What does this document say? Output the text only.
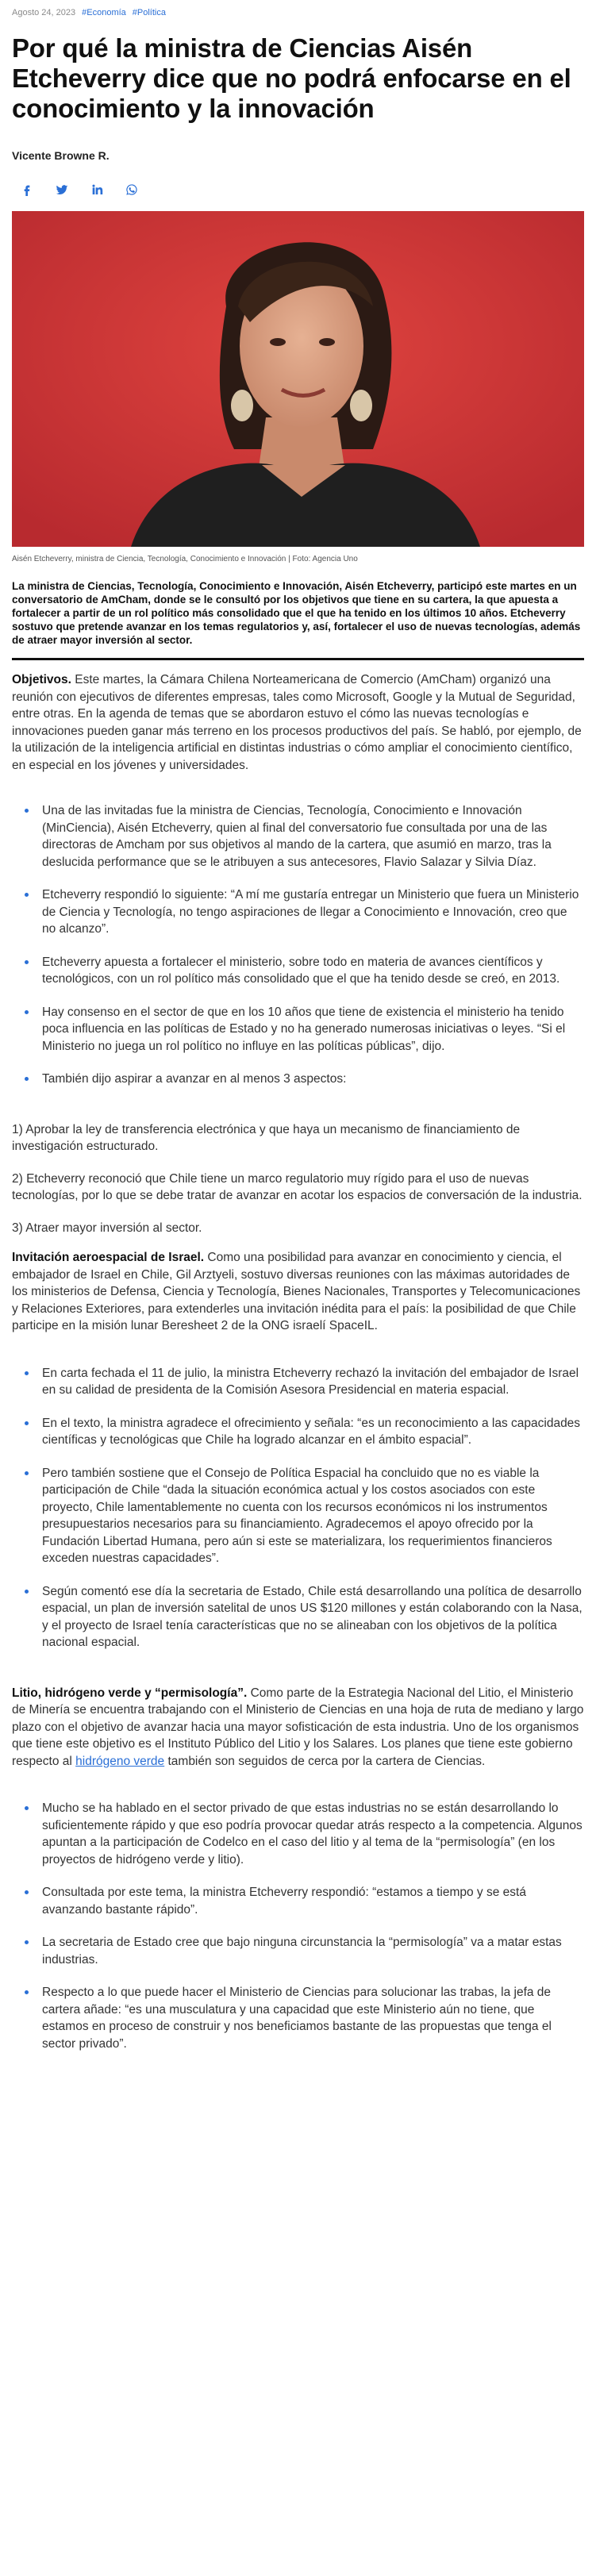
Agosto 24, 2023 #Economía #Política
Por qué la ministra de Ciencias Aisén Etcheverry dice que no podrá enfocarse en el conocimiento y la innovación
Vicente Browne R.
Aisén Etcheverry, ministra de Ciencia, Tecnología, Conocimiento e Innovación | Foto: Agencia Uno
La ministra de Ciencias, Tecnología, Conocimiento e Innovación, Aisén Etcheverry, participó este martes en un conversatorio de AmCham, donde se le consultó por los objetivos que tiene en su cartera, la que apuesta a fortalecer a partir de un rol político más consolidado que el que ha tenido en los últimos 10 años. Etcheverry sostuvo que pretende avanzar en los temas regulatorios y, así, fortalecer el uso de nuevas tecnologías, además de atraer mayor inversión al sector.

Objetivos. Este martes, la Cámara Chilena Norteamericana de Comercio (AmCham) organizó una reunión con ejecutivos de diferentes empresas, tales como Microsoft, Google y la Mutual de Seguridad, entre otras. En la agenda de temas que se abordaron estuvo el cómo las nuevas tecnologías e innovaciones pueden ganar más terreno en los procesos productivos del país. Se habló, por ejemplo, de la utilización de la inteligencia artificial en distintas industrias o cómo ampliar el conocimiento científico, en especial en los jóvenes y universidades.

Una de las invitadas fue la ministra de Ciencias, Tecnología, Conocimiento e Innovación (MinCiencia), Aisén Etcheverry, quien al final del conversatorio fue consultada por una de las directoras de Amcham por sus objetivos al mando de la cartera, que asumió en marzo, tras la deslucida performance que se le atribuyen a sus antecesores, Flavio Salazar y Silvia Díaz.
Etcheverry respondió lo siguiente: “A mí me gustaría entregar un Ministerio que fuera un Ministerio de Ciencia y Tecnología, no tengo aspiraciones de llegar a Conocimiento e Innovación, creo que no alcanzo”.
Etcheverry apuesta a fortalecer el ministerio, sobre todo en materia de avances científicos y tecnológicos, con un rol político más consolidado que el que ha tenido desde se creó, en 2013.
Hay consenso en el sector de que en los 10 años que tiene de existencia el ministerio ha tenido poca influencia en las políticas de Estado y no ha generado numerosas iniciativas o leyes. “Si el Ministerio no juega un rol político no influye en las políticas públicas”, dijo.
También dijo aspirar a avanzar en al menos 3 aspectos:

1) Aprobar la ley de transferencia electrónica y que haya un mecanismo de financiamiento de investigación estructurado.

2) Etcheverry reconoció que Chile tiene un marco regulatorio muy rígido para el uso de nuevas tecnologías, por lo que se debe tratar de avanzar en acotar los espacios de conversación de la industria.

3) Atraer mayor inversión al sector.

Invitación aeroespacial de Israel. Como una posibilidad para avanzar en conocimiento y ciencia, el embajador de Israel en Chile, Gil Arztyeli, sostuvo diversas reuniones con las máximas autoridades de los ministerios de Defensa, Ciencia y Tecnología, Bienes Nacionales, Transportes y Telecomunicaciones y Relaciones Exteriores, para extenderles una invitación inédita para el país: la posibilidad de que Chile participe en la misión lunar Beresheet 2 de la ONG israelí SpaceIL.

En carta fechada el 11 de julio, la ministra Etcheverry rechazó la invitación del embajador de Israel en su calidad de presidenta de la Comisión Asesora Presidencial en materia espacial.
En el texto, la ministra agradece el ofrecimiento y señala: “es un reconocimiento a las capacidades científicas y tecnológicas que Chile ha logrado alcanzar en el ámbito espacial”.
Pero también sostiene que el Consejo de Política Espacial ha concluido que no es viable la participación de Chile “dada la situación económica actual y los costos asociados con este proyecto, Chile lamentablemente no cuenta con los recursos económicos ni los instrumentos presupuestarios necesarios para su financiamiento. Agradecemos el apoyo ofrecido por la Fundación Libertad Humana, pero aún si este se materializara, los requerimientos financieros exceden nuestras capacidades”.
Según comentó ese día la secretaria de Estado, Chile está desarrollando una política de desarrollo espacial, un plan de inversión satelital de unos US $120 millones y están colaborando con la Nasa, y el proyecto de Israel tenía características que no se alineaban con los objetivos de la política nacional espacial.

Litio, hidrógeno verde y “permisología”. Como parte de la Estrategia Nacional del Litio, el Ministerio de Minería se encuentra trabajando con el Ministerio de Ciencias en una hoja de ruta de mediano y largo plazo con el objetivo de avanzar hacia una mayor sofisticación de esta industria. Uno de los organismos que tiene este objetivo es el Instituto Público del Litio y los Salares. Los planes que tiene este gobierno respecto al hidrógeno verde también son seguidos de cerca por la cartera de Ciencias.

Mucho se ha hablado en el sector privado de que estas industrias no se están desarrollando lo suficientemente rápido y que eso podría provocar quedar atrás respecto a la competencia. Algunos apuntan a la participación de Codelco en el caso del litio y al tema de la “permisología” (en los proyectos de hidrógeno verde y litio).
Consultada por este tema, la ministra Etcheverry respondió: “estamos a tiempo y se está avanzando bastante rápido”.
La secretaria de Estado cree que bajo ninguna circunstancia la “permisología” va a matar estas industrias.
Respecto a lo que puede hacer el Ministerio de Ciencias para solucionar las trabas, la jefa de cartera añade: “es una musculatura y una capacidad que este Ministerio aún no tiene, que estamos en proceso de construir y nos beneficiamos bastante de las propuestas que tenga el sector privado”.
